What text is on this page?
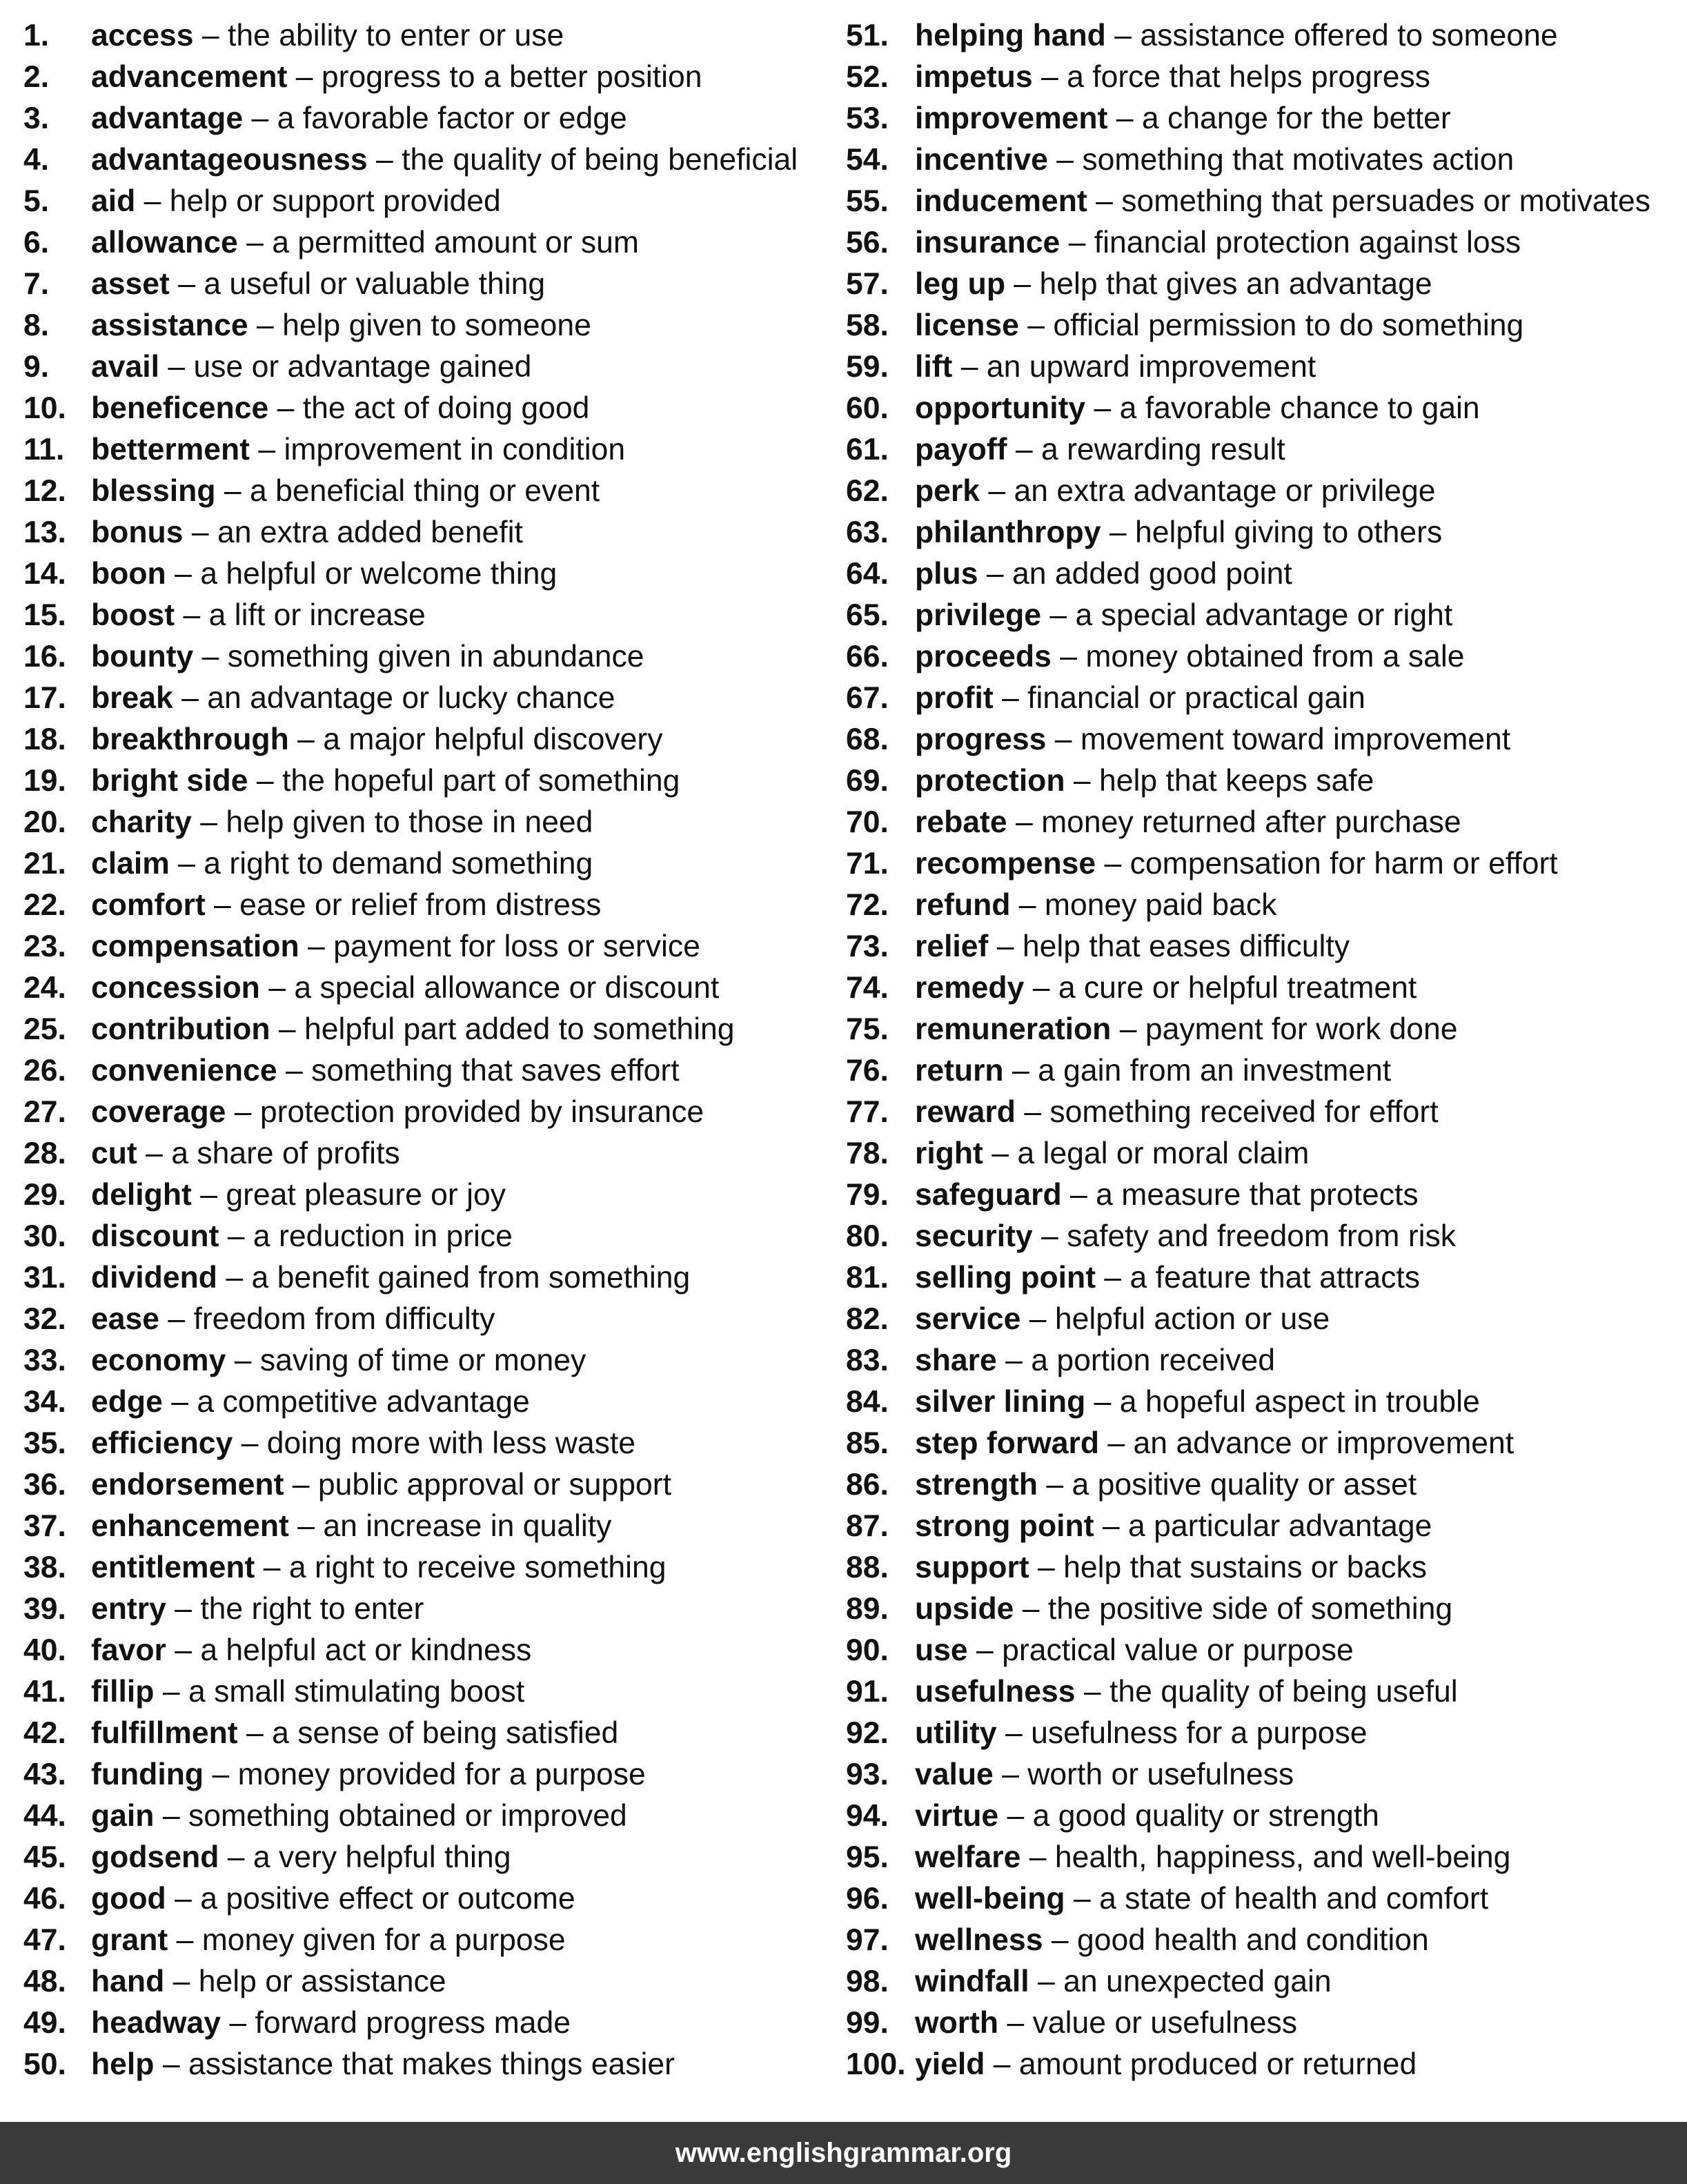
1.	access – the ability to enter or use
2.	advancement – progress to a better position
3.	advantage – a favorable factor or edge
4.	advantageousness – the quality of being beneficial
5.	aid – help or support provided
6.	allowance – a permitted amount or sum
7.	asset – a useful or valuable thing
8.	assistance – help given to someone
9.	avail – use or advantage gained
10. beneficence – the act of doing good
11. betterment – improvement in condition
12. blessing – a beneficial thing or event
13. bonus – an extra added benefit
14. boon – a helpful or welcome thing
15. boost – a lift or increase
16. bounty – something given in abundance
17. break – an advantage or lucky chance
18. breakthrough – a major helpful discovery
19. bright side – the hopeful part of something
20. charity – help given to those in need
21. claim – a right to demand something
22. comfort – ease or relief from distress
23. compensation – payment for loss or service
24. concession – a special allowance or discount
25. contribution – helpful part added to something
26. convenience – something that saves effort
27. coverage – protection provided by insurance
28. cut – a share of profits
29. delight – great pleasure or joy
30. discount – a reduction in price
31. dividend – a benefit gained from something
32. ease – freedom from difficulty
33. economy – saving of time or money
34. edge – a competitive advantage
35. efficiency – doing more with less waste
36. endorsement – public approval or support
37. enhancement – an increase in quality
38. entitlement – a right to receive something
39. entry – the right to enter
40. favor – a helpful act or kindness
41. fillip – a small stimulating boost
42. fulfillment – a sense of being satisfied
43. funding – money provided for a purpose
44. gain – something obtained or improved
45. godsend – a very helpful thing
46. good – a positive effect or outcome
47. grant – money given for a purpose
48. hand – help or assistance
49. headway – forward progress made
50. help – assistance that makes things easier
51. helping hand – assistance offered to someone
52. impetus – a force that helps progress
53. improvement – a change for the better
54. incentive – something that motivates action
55. inducement – something that persuades or motivates
56. insurance – financial protection against loss
57. leg up – help that gives an advantage
58. license – official permission to do something
59. lift – an upward improvement
60. opportunity – a favorable chance to gain
61. payoff – a rewarding result
62. perk – an extra advantage or privilege
63. philanthropy – helpful giving to others
64. plus – an added good point
65. privilege – a special advantage or right
66. proceeds – money obtained from a sale
67. profit – financial or practical gain
68. progress – movement toward improvement
69. protection – help that keeps safe
70. rebate – money returned after purchase
71. recompense – compensation for harm or effort
72. refund – money paid back
73. relief – help that eases difficulty
74. remedy – a cure or helpful treatment
75. remuneration – payment for work done
76. return – a gain from an investment
77. reward – something received for effort
78. right – a legal or moral claim
79. safeguard – a measure that protects
80. security – safety and freedom from risk
81. selling point – a feature that attracts
82. service – helpful action or use
83. share – a portion received
84. silver lining – a hopeful aspect in trouble
85. step forward – an advance or improvement
86. strength – a positive quality or asset
87. strong point – a particular advantage
88. support – help that sustains or backs
89. upside – the positive side of something
90. use – practical value or purpose
91. usefulness – the quality of being useful
92. utility – usefulness for a purpose
93. value – worth or usefulness
94. virtue – a good quality or strength
95. welfare – health, happiness, and well-being
96. well-being – a state of health and comfort
97. wellness – good health and condition
98. windfall – an unexpected gain
99. worth – value or usefulness
100. yield – amount produced or returned
www.englishgrammar.org
